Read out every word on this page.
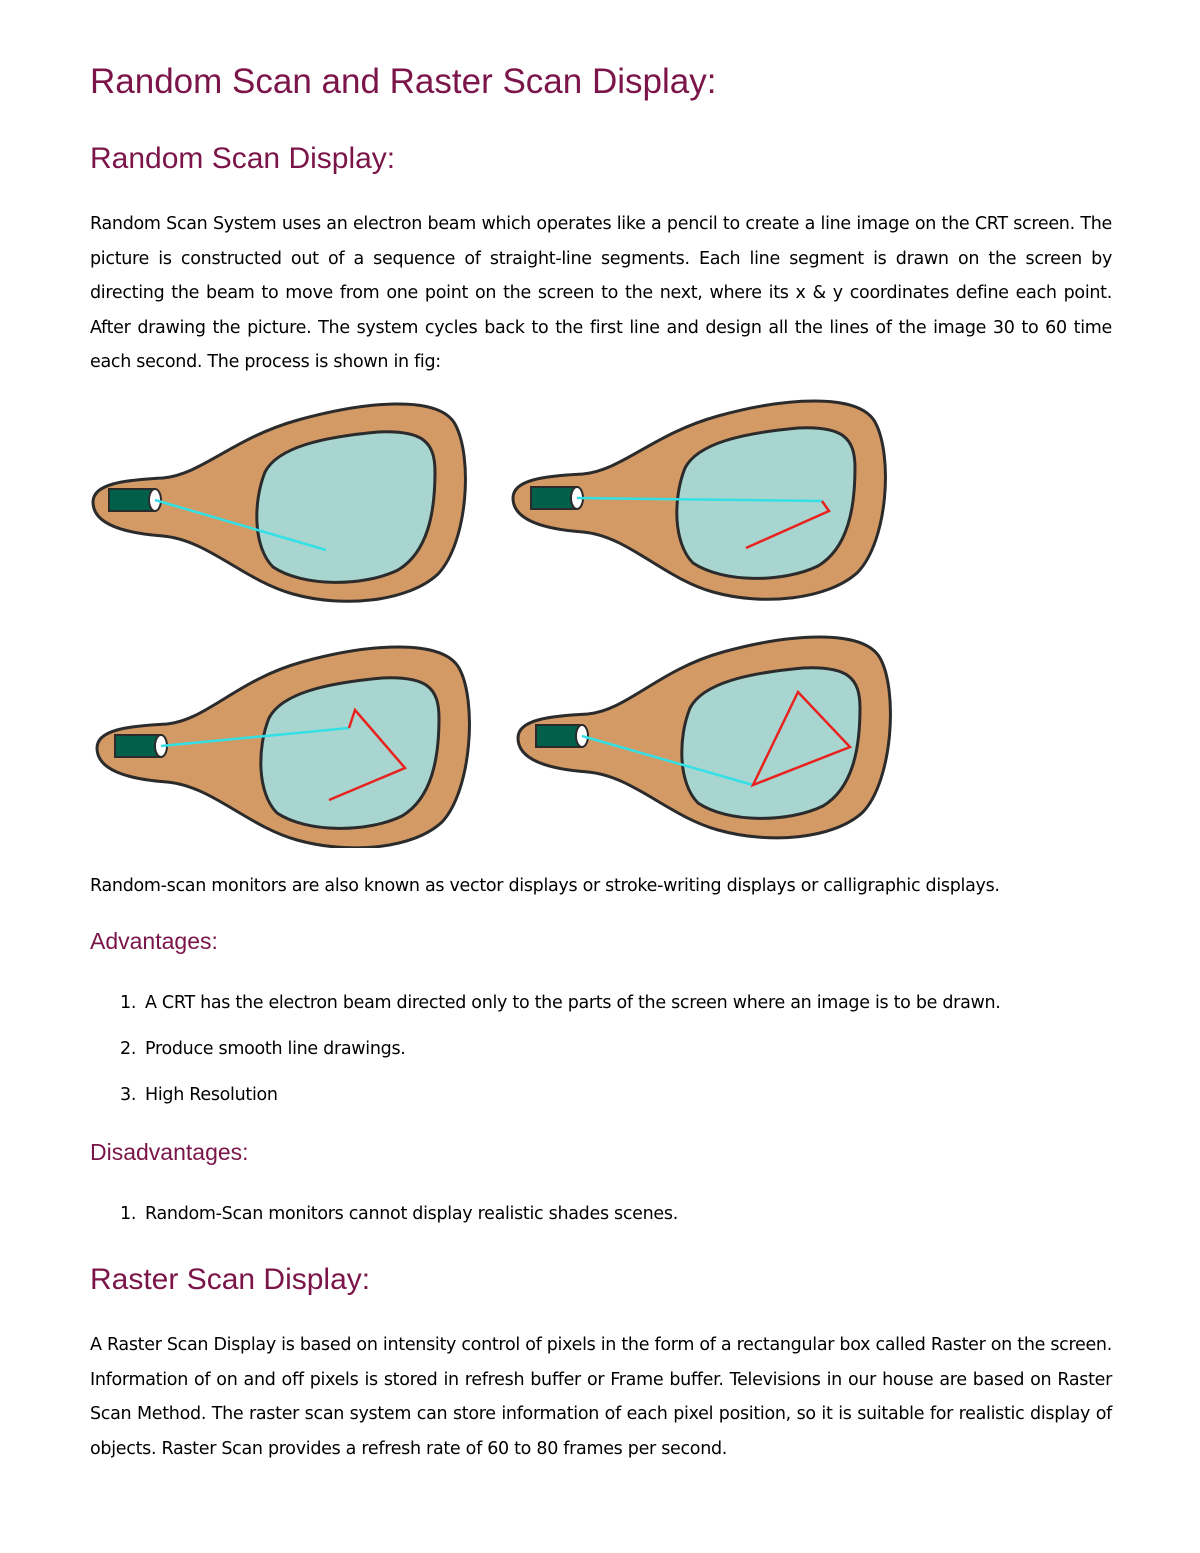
Random Scan and Raster Scan Display:
Random Scan Display:

Random Scan System uses an electron beam which operates like a pencil to create a line image on the CRT screen. The picture is constructed out of a sequence of straight-line segments. Each line segment is drawn on the screen by directing the beam to move from one point on the screen to the next, where its x & y coordinates define each point. After drawing the picture. The system cycles back to the first line and design all the lines of the image 30 to 60 time each second. The process is shown in fig:

Random-scan monitors are also known as vector displays or stroke-writing displays or calligraphic displays.

Advantages:
1. A CRT has the electron beam directed only to the parts of the screen where an image is to be drawn.
2. Produce smooth line drawings.
3. High Resolution
Disadvantages:
1. Random-Scan monitors cannot display realistic shades scenes.
Raster Scan Display:

A Raster Scan Display is based on intensity control of pixels in the form of a rectangular box called Raster on the screen. Information of on and off pixels is stored in refresh buffer or Frame buffer. Televisions in our house are based on Raster Scan Method. The raster scan system can store information of each pixel position, so it is suitable for realistic display of objects. Raster Scan provides a refresh rate of 60 to 80 frames per second.
